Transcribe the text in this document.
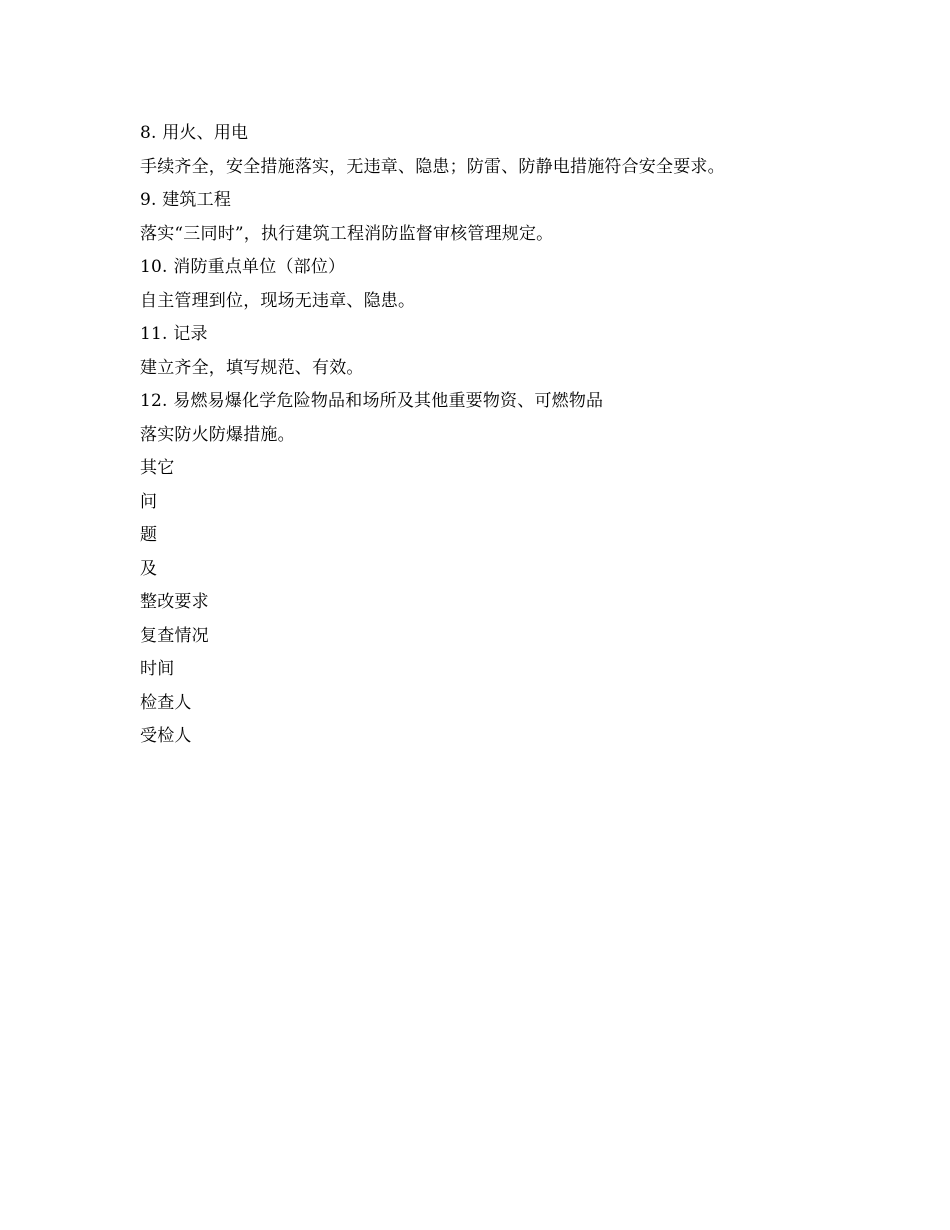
8. 用火、用电
手续齐全，安全措施落实，无违章、隐患；防雷、防静电措施符合安全要求。
9. 建筑工程
落实“三同时”，执行建筑工程消防监督审核管理规定。
10. 消防重点单位（部位）
自主管理到位，现场无违章、隐患。
11. 记录
建立齐全，填写规范、有效。
12. 易燃易爆化学危险物品和场所及其他重要物资、可燃物品
落实防火防爆措施。
其它
问
题
及
整改要求
复查情况
时间
检查人
受检人
